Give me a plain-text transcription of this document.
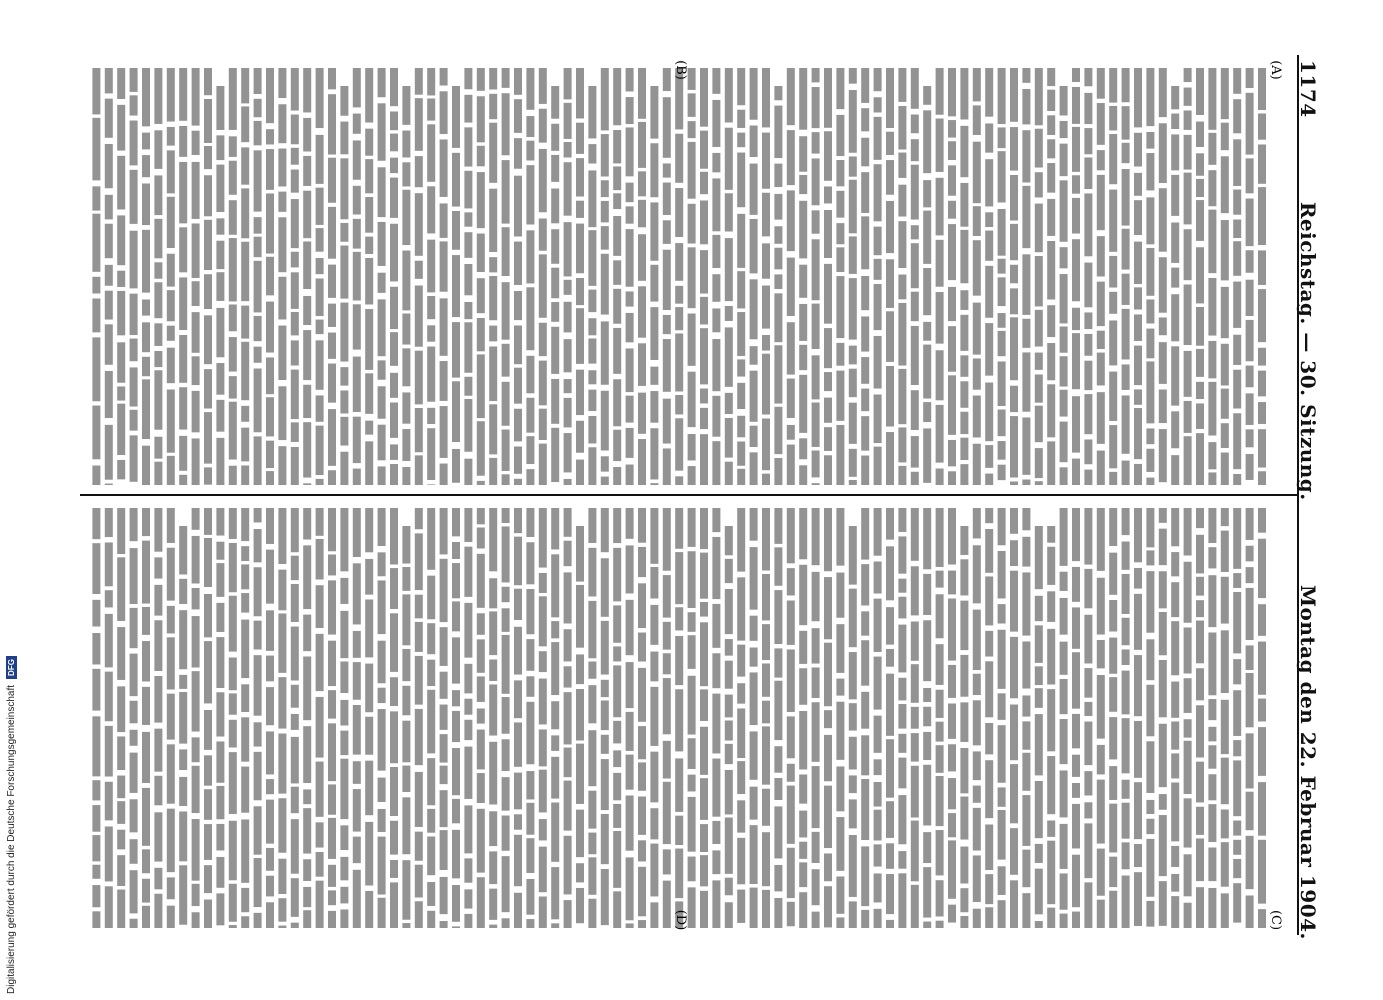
(A)
(B)
(C)
(D)
1174
Reichstag. — 30. Sitzung.
Montag den 22. Februar 1904.
Digitalisierung gefördert durch die Deutsche Forschungsgemeinschaft
DFG
